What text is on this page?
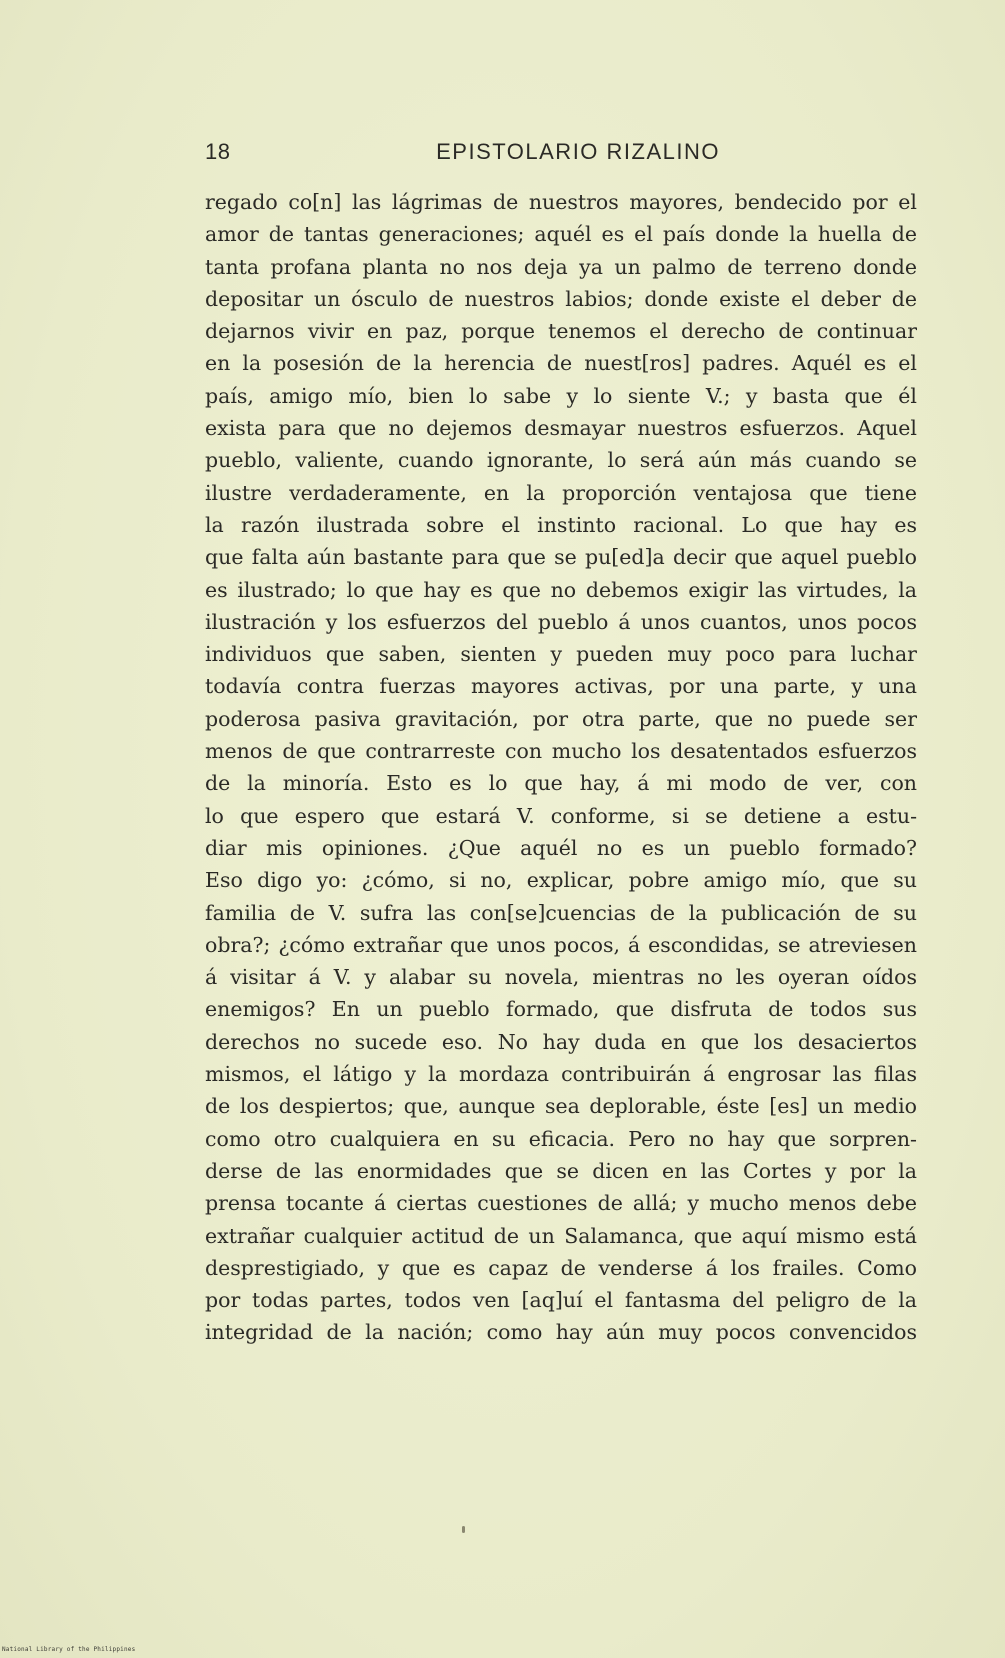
18	EPISTOLARIO RIZALINO
regado co[n] las lágrimas de nuestros mayores, bendecido por el
amor de tantas generaciones; aquél es el país donde la huella de
tanta profana planta no nos deja ya un palmo de terreno donde
depositar un ósculo de nuestros labios; donde existe el deber de
dejarnos vivir en paz, porque tenemos el derecho de continuar
en la posesión de la herencia de nuest[ros] padres. Aquél es el
país, amigo mío, bien lo sabe y lo siente V.; y basta que él
exista para que no dejemos desmayar nuestros esfuerzos. Aquel
pueblo, valiente, cuando ignorante, lo será aún más cuando se
ilustre verdaderamente, en la proporción ventajosa que tiene
la razón ilustrada sobre el instinto racional. Lo que hay es
que falta aún bastante para que se pu[ed]a decir que aquel pueblo
es ilustrado; lo que hay es que no debemos exigir las virtudes, la
ilustración y los esfuerzos del pueblo á unos cuantos, unos pocos
individuos que saben, sienten y pueden muy poco para luchar
todavía contra fuerzas mayores activas, por una parte, y una
poderosa pasiva gravitación, por otra parte, que no puede ser
menos de que contrarreste con mucho los desatentados esfuerzos
de la minoría. Esto es lo que hay, á mi modo de ver, con
lo que espero que estará V. conforme, si se detiene a estu-
diar mis opiniones. ¿Que aquél no es un pueblo formado?
Eso digo yo: ¿cómo, si no, explicar, pobre amigo mío, que su
familia de V. sufra las con[se]cuencias de la publicación de su
obra?; ¿cómo extrañar que unos pocos, á escondidas, se atreviesen
á visitar á V. y alabar su novela, mientras no les oyeran oídos
enemigos? En un pueblo formado, que disfruta de todos sus
derechos no sucede eso. No hay duda en que los desaciertos
mismos, el látigo y la mordaza contribuirán á engrosar las filas
de los despiertos; que, aunque sea deplorable, éste [es] un medio
como otro cualquiera en su eficacia. Pero no hay que sorpren-
derse de las enormidades que se dicen en las Cortes y por la
prensa tocante á ciertas cuestiones de allá; y mucho menos debe
extrañar cualquier actitud de un Salamanca, que aquí mismo está
desprestigiado, y que es capaz de venderse á los frailes. Como
por todas partes, todos ven [aq]uí el fantasma del peligro de la
integridad de la nación; como hay aún muy pocos convencidos
National Library of the Philippines
